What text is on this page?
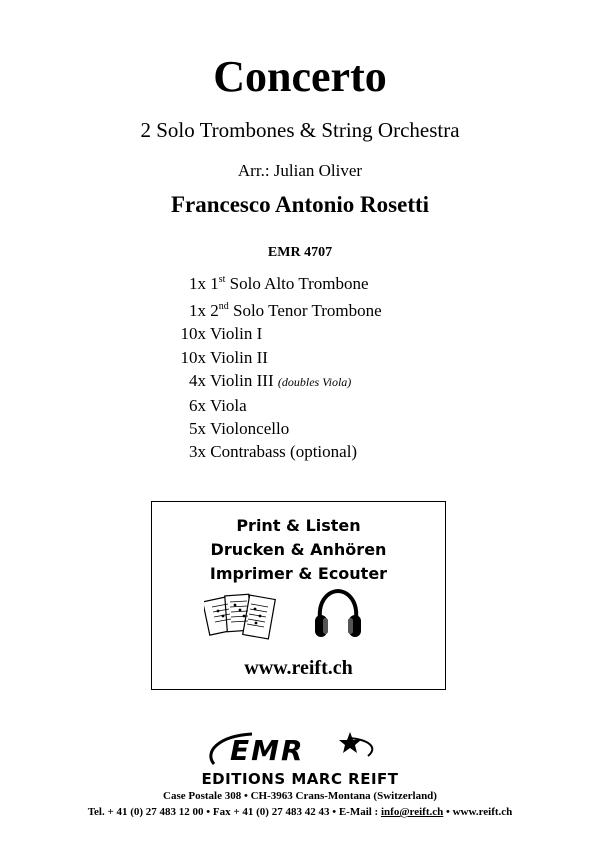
Concerto
2 Solo Trombones & String Orchestra
Arr.: Julian Oliver
Francesco Antonio Rosetti
EMR 4707
1x 1st Solo Alto Trombone
1x 2nd Solo Tenor Trombone
10x Violin I
10x Violin II
4x Violin III (doubles Viola)
6x Viola
5x Violoncello
3x Contrabass (optional)
Print & Listen
Drucken & Anhören
Imprimer & Ecouter
www.reift.ch
EMR
EDITIONS MARC REIFT
Case Postale 308 • CH-3963 Crans-Montana (Switzerland)
Tel. + 41 (0) 27 483 12 00 • Fax + 41 (0) 27 483 42 43 • E-Mail : info@reift.ch • www.reift.ch
